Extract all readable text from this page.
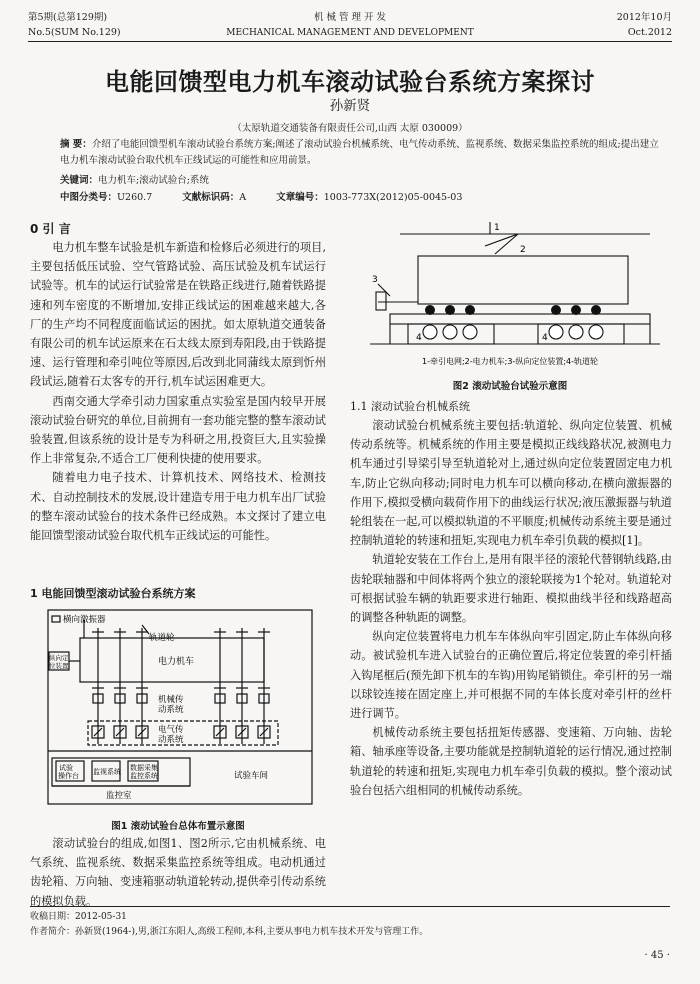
第5期(总第129期)
No.5(SUM No.129)
机 械 管 理 开 发
MECHANICAL MANAGEMENT AND DEVELOPMENT
2012年10月
Oct.2012
电能回馈型电力机车滚动试验台系统方案探讨
孙新贤
（太原轨道交通装备有限责任公司,山西 太原 030009）
摘 要：介绍了电能回馈型机车滚动试验台系统方案;阐述了滚动试验台机械系统、电气传动系统、监视系统、数据采集监控系统的组成;提出建立电力机车滚动试验台取代机车正线试运的可能性和应用前景。
关键词：电力机车;滚动试验台;系统
中图分类号：U260.7	文献标识码：A	文章编号：1003-773X(2012)05-0045-03
0 引 言

电力机车整车试验是机车新造和检修后必须进行的项目,主要包括低压试验、空气管路试验、高压试验及机车试运行试验等。机车的试运行试验常是在铁路正线进行,随着铁路提速和列车密度的不断增加,安排正线试运的困难越来越大,各厂的生产均不同程度面临试运的困扰。如太原轨道交通装备有限公司的机车试运原来在石太线太原到寿阳段,由于铁路提速、运行管理和牵引吨位等原因,后改到北同蒲线太原到忻州段试运,随着石太客专的开行,机车试运困难更大。

西南交通大学牵引动力国家重点实验室是国内较早开展滚动试验台研究的单位,目前拥有一套功能完整的整车滚动试验装置,但该系统的设计是专为科研之用,投资巨大,且实验操作上非常复杂,不适合工厂便利快捷的使用要求。

随着电力电子技术、计算机技术、网络技术、检测技术、自动控制技术的发展,设计建造专用于电力机车出厂试验的整车滚动试验台的技术条件已经成熟。本文探讨了建立电能回馈型滚动试验台取代机车正线试运的可能性。

1 电能回馈型滚动试验台系统方案
横向激振器
轨道轮
纵向定
位装置	电力机车
机械传
动系统
电气传
动系统
试验
操作台 监视系统 数据采集
监控系统	试验车间
监控室
图1 滚动试验台总体布置示意图

滚动试验台的组成,如图1、图2所示,它由机械系统、电气系统、监视系统、数据采集监控系统等组成。电动机通过齿轮箱、万向轴、变速箱驱动轨道轮转动,提供牵引传动系统的模拟负载。

1
2
3
4	4
1-牵引电网;2-电力机车;3-纵向定位装置;4-轨道轮
图2 滚动试验台试验示意图
1.1 滚动试验台机械系统

滚动试验台机械系统主要包括:轨道轮、纵向定位装置、机械传动系统等。机械系统的作用主要是模拟正线线路状况,被测电力机车通过引导梁引导至轨道轮对上,通过纵向定位装置固定电力机车,防止它纵向移动;同时电力机车可以横向移动,在横向激振器的作用下,模拟受横向载荷作用下的曲线运行状况;液压激振器与轨道轮组装在一起,可以模拟轨道的不平顺度;机械传动系统主要是通过控制轨道轮的转速和扭矩,实现电力机车牵引负载的模拟[1]。

轨道轮安装在工作台上,是用有限半径的滚轮代替钢轨线路,由齿轮联轴器和中间体将两个独立的滚轮联接为1个轮对。轨道轮对可根据试验车辆的轨距要求进行轴距、模拟曲线半径和线路超高的调整各种轨距的调整。

纵向定位装置将电力机车车体纵向牢引固定,防止车体纵向移动。被试验机车进入试验台的正确位置后,将定位装置的牵引杆插入钩尾框后(预先卸下机车的车钩)用钩尾销锁住。牵引杆的另一端以球铰连接在固定座上,并可根据不同的车体长度对牵引杆的丝杆进行调节。

机械传动系统主要包括扭矩传感器、变速箱、万向轴、齿轮箱、轴承座等设备,主要功能就是控制轨道轮的运行情况,通过控制轨道轮的转速和扭矩,实现电力机车牵引负载的模拟。整个滚动试验台包括六组相同的机械传动系统。

收稿日期：2012-05-31
作者简介：孙新贤(1964-),男,浙江东阳人,高级工程师,本科,主要从事电力机车技术开发与管理工作。
· 45 ·
